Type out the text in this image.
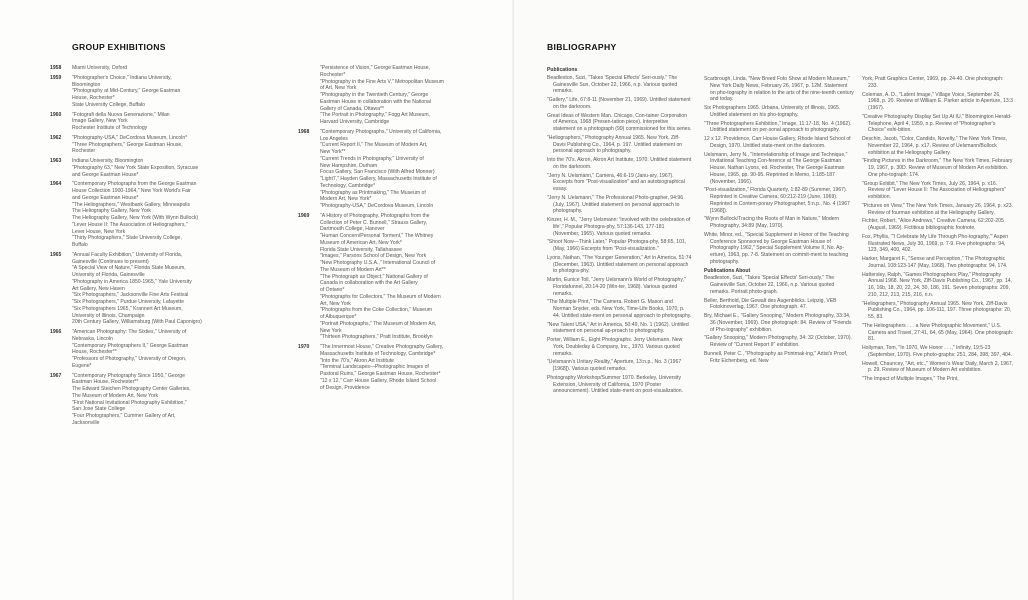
GROUP EXHIBITIONS
1958 Miami University, Oxford
1959 "Photographer's Choice," Indiana University,
Bloomington
"Photography at Mid-Century," George Eastman
House, Rochester*
State University College, Buffalo
1960 "Fotografi della Nuova Generazione," Milan
Image Gallery, New York
Rochester Institute of Technology
1962 "Photography-USA," DeCordova Museum, Lincoln*
"Three Photographers," George Eastman House,
Rochester
1963 Indiana University, Bloomington
"Photography 63," New York State Exposition, Syracuse
and George Eastman House*
1964 "Contemporary Photographs from the George Eastman
House Collection 1900-1964," New York World's Fair
and George Eastman House*
"The Heliographers," Westbank Gallery, Minneapolis
The Heliography Gallery, New York
The Heliography Gallery, New York (With Wynn Bullock)
"Lever House II: The Association of Heliographers,"
Lever House, New York
"Thirty Photographers," State University College,
Buffalo
1965 "Annual Faculty Exhibition," University of Florida,
Gainesville (Continues to present)
"A Special View of Nature," Florida State Museum,
University of Florida, Gainesville
"Photography in America 1850-1965," Yale University
Art Gallery, New Haven
"Six Photographers," Jacksonville Fine Arts Festival
"Six Photographers," Purdue University, Lafayette
"Six Photographers 1965," Krannert Art Museum,
University of Illinois, Champaign
20th Century Gallery, Williamsburg (With Paul Caponigro)
1966 "American Photography: The Sixties," University of
Nebraska, Lincoln
"Contemporary Photographers II," George Eastman
House, Rochester**
"Professors of Photography," University of Oregon,
Eugene*
1967 "Contemporary Photography Since 1950," George
Eastman House, Rochester**
The Edward Steichen Photography Center Galleries,
The Museum of Modern Art, New York
"First National Invitational Photography Exhibition,"
San Jose State College
"Four Photographers," Cummer Gallery of Art,
Jacksonville
"Persistence of Vision," George Eastman House,
Rochester*
"Photography in the Fine Arts V," Metropolitan Museum
of Art, New York
"Photography in the Twentieth Century," George
Eastman House in collaboration with the National
Gallery of Canada, Ottawa**
"The Portrait in Photography," Fogg Art Museum,
Harvard University, Cambridge
1968 "Contemporary Photographs," University of California,
Los Angeles
"Current Report II," The Museum of Modern Art,
New York**
"Current Trends in Photography," University of
New Hampshire, Durham
Focus Gallery, San Francisco (With Alfred Monner)
"Light7," Hayden Gallery, Massachusetts Institute of
Technology, Cambridge*
"Photography as Printmaking," The Museum of
Modern Art, New York*
"Photography-USA," DeCordova Museum, Lincoln
1969 "A History of Photography, Photographs from the
Collection of Peter C. Bunnell," Strauss Gallery,
Dartmouth College, Hanover
"Human Concern/Personal Torment," The Whitney
Museum of American Art, New York*
Florida State University, Tallahassee
"Images," Parsons School of Design, New York
"New Photography U.S.A.," International Council of
The Museum of Modern Art**
"The Photograph as Object," National Gallery of
Canada in collaboration with the Art Gallery
of Ontario*
"Photographs for Collectors," The Museum of Modern
Art, New York
"Photographs from the Coke Collection," Museum
of Albuquerque*
"Portrait Photographs," The Museum of Modern Art,
New York
"Thirteen Photographers," Pratt Institute, Brooklyn
1970 "The Innermost House," Creative Photography Gallery,
Massachusetts Institute of Technology, Cambridge*
"Into the 70's," Akron Art Institute
"Terminal Landscapes—Photographic Images of
Pastoral Ruins," George Eastman House, Rochester*
"12 x 12," Carr House Gallery, Rhode Island School
of Design, Providence
BIBLIOGRAPHY
Publications
Beadleston, Suzi, "Takes 'Special Effects' Seri-ously." The Gainesville Sun, October 22, 1966, n.p. Various quoted remarks.
"Gallery," Life, 67:8-11 (November 21, 1969). Untitled statement on the darkroom.
Great Ideas of Western Man. Chicago, Con-tainer Corporation of America, 1968 (Presen-tation piece). Interpretive statement on a photograph (99) commissioned for this series.
"Heliographers," Photography Annual 1965. New York, Ziff-Davis Publishing Co., 1964, p. 197. Untitled statement on personal approach to photography.
Into the 70's. Akron, Akron Art Institute, 1970. Untitled statement on the darkroom.
"Jerry N. Uelsmann," Camera, 46:6-19 (Janu-ary, 1967). Excerpts from "Post-visualization" and an autobiographical essay.
"Jerry N. Uelsmann," The Professional Photo-grapher, 94:96 (July, 1967). Untitled statement on personal approach to photography.
Kinzer, H. M., "Jerry Uelsmann: 'Involved with the celebration of life'," Popular Photogra-phy, 57:136-143, 177-181 (November, 1965). Various quoted remarks.
"Shoot Now—Think Later," Popular Photogra-phy, 58:65, 101, (May, 1966) Excerpts from "Post-visualization."
Lyons, Nathan, "The Younger Generation," Art in America, 51:74 (December, 1963). Untitled statement on personal approach to photogra-phy.
Martin, Eunice Toll, "Jerry Uelsmann's World of Photography," Floridafunnel, 20:14-20 (Win-ter, 1968). Various quoted remarks.
"The Multiple Print," The Camera. Robert G. Mason and Norman Snyder, eds. New York, Time-Life Books, 1970, p. 44. Untitled state-ment on personal approach to photography.
"New Talent USA," Art in America, 50:49, No. 1 (1962). Untitled statement on personal ap-proach to photography.
Porter, William E., Eight Photographs. Jerry Uelsmann. New York, Doubleday & Company, Inc., 1970. Various quoted remarks.
"Uelsmann's Unitary Reality," Aperture, 13:n.p., No. 3 (1967 [1968]). Various quoted remarks.
Photography Workshop/Summer 1970. Berkeley, University Extension, University of California, 1970 (Poster announcement). Untitled state-ment on post-visualization.
Scarbrough, Linda, "New Breed Foto Show at Modern Museum," New York Daily News, February 26, 1967, p. 12M. Statement on pho-tography in relation to the arts of the nine-teenth century and today.
Six Photographers 1965. Urbana, University of Illinois, 1965. Untitled statement on his pho-tography.
"Three Photographers Exhibition," Image, 11:17-18, No. 4 (1962). Untitled statement on per-sonal approach to photography.
12 x 12. Providence, Carr House Gallery, Rhode Island School of Design, 1970. Untitled state-ment on the darkroom.
Uelsmann, Jerry N., "Interrelationship of Image and Technique," Invitational Teaching Con-ference at The George Eastman House. Nathan Lyons, ed. Rochester, The George Eastman House, 1965, pp. 90-95. Reprinted in Memo, 1:185-187 (November, 1966).
"Post-visualization," Florida Quarterly, 1:82-89 (Summer, 1967). Reprinted in Creative Camera, 60:212-219 (June, 1969). Reprinted in Contem-porary Photographer, 5:n.p., No. 4 (1967 [1968]).
"Wynn Bullock/Tracing the Roots of Man in Nature," Modern Photography, 34:89 (May, 1970).
White, Minor, ed., "Special Supplement in Honor of the Teaching Conference Sponsored by George Eastman House of Photography 1962," Special Supplement Volume II, No. Ap-erture), 1963, pp. 7-8. Statement on commit-ment to teaching photography.
Publications About
Beadleston, Suzi, "Takes 'Special Effects' Seri-ously," The Gainesville Sun, October 22, 1966, n.p. Various quoted remarks. Portrait photo-graph.
Beller, Berthold, Die Gewalt des Augenblicks. Leipzig, VEB Fotokinoverlag, 1967. One photograph. 47.
Bry, Michael E., "Gallery Snooping," Modern Photography, 33:34, 36 (November, 1969). One photograph: 84. Review of "Friends of Pho-tography" exhibition.
"Gallery Snooping," Modern Photography, 34: 32 (October, 1970). Review of "Current Report II" exhibition.
Bunnell, Peter C., "Photography as Printmak-ing," Artist's Proof, Fritz Eichenberg, ed. New
York, Pratt Graphics Center, 1969, pp. 24-40. One photograph: 233.
Coleman, A. D., "Latent Image," Village Voice, September 26, 1968, p. 20. Review of William E. Parker article in Aperture, 13:3 (1967).
"Creative Photography Display Set Up At IU," Bloomington Herald-Telephone, April 4, 1959, n.p. Review of "Photographer's Choice" exhi-bition.
Deschin, Jacob, "Color, Candids, Novelty," The New York Times, November 22, 1964, p. x17. Review of Uelsmann/Bullock exhibition at the Heliography Gallery.
"Finding Pictures in the Darkroom," The New York Times, February 19, 1967, p. 30D. Review of Museum of Modern Art exhibition. One pho-tograph: 174.
"Group Exhibit," The New York Times, July 26, 1964, p. x16. Review of "Lever House II: The Association of Heliographers" exhibition.
"Pictures on View," The New York Times, January 26, 1964, p. x23. Review of fourman exhibition at the Heliography Gallery.
Fichter, Robert, "Alice Andrews," Creative Camera, 62:202-205 (August, 1969). Fictitious bibliographic footnote.
Fox, Phyllis, "'I Celebrate My Life Through Pho-tography,'" Aspen Illustrated News, July 30, 1969, p. 7-9. Five photographs: 94, 123, 349, 400, 402.
Harker, Margaret F., "Sense and Perception," The Photographic Journal, 108:123-147 (May, 1968). Two photographs: 94, 174.
Hattersley, Ralph, "Games Photographers Play," Photography Annual 1968. New York, Ziff-Davis Publishing Co., 1967, pp. 14, 16, 16b, 18, 20, 22, 24, 30, 186, 191. Seven photographs: 209, 210, 212, 213, 215, 216, n.n.
"Heliographers," Photography Annual 1965. New York, Ziff-Davis Publishing Co., 1964, pp. 106-111, 197. Three photographs: 20, 55, 83.
"The Heliographers . . . a New Photographic Movement," U.S. Camera and Travel, 27:41, 64, 65 (May, 1964). One photograph: 81.
Hollyman, Tom, "In 1970, We Honor . . .," Infinity, 19:5-23 (September, 1970). Five photo-graphs: 251, 284, 398, 397, 404.
Howell, Chauncey, "Art, etc.," Women's Wear Daily, March 2, 1967, p. 29. Review of Museum of Modern Art exhibition.
"The Impact of Multiple Images," The Print,
